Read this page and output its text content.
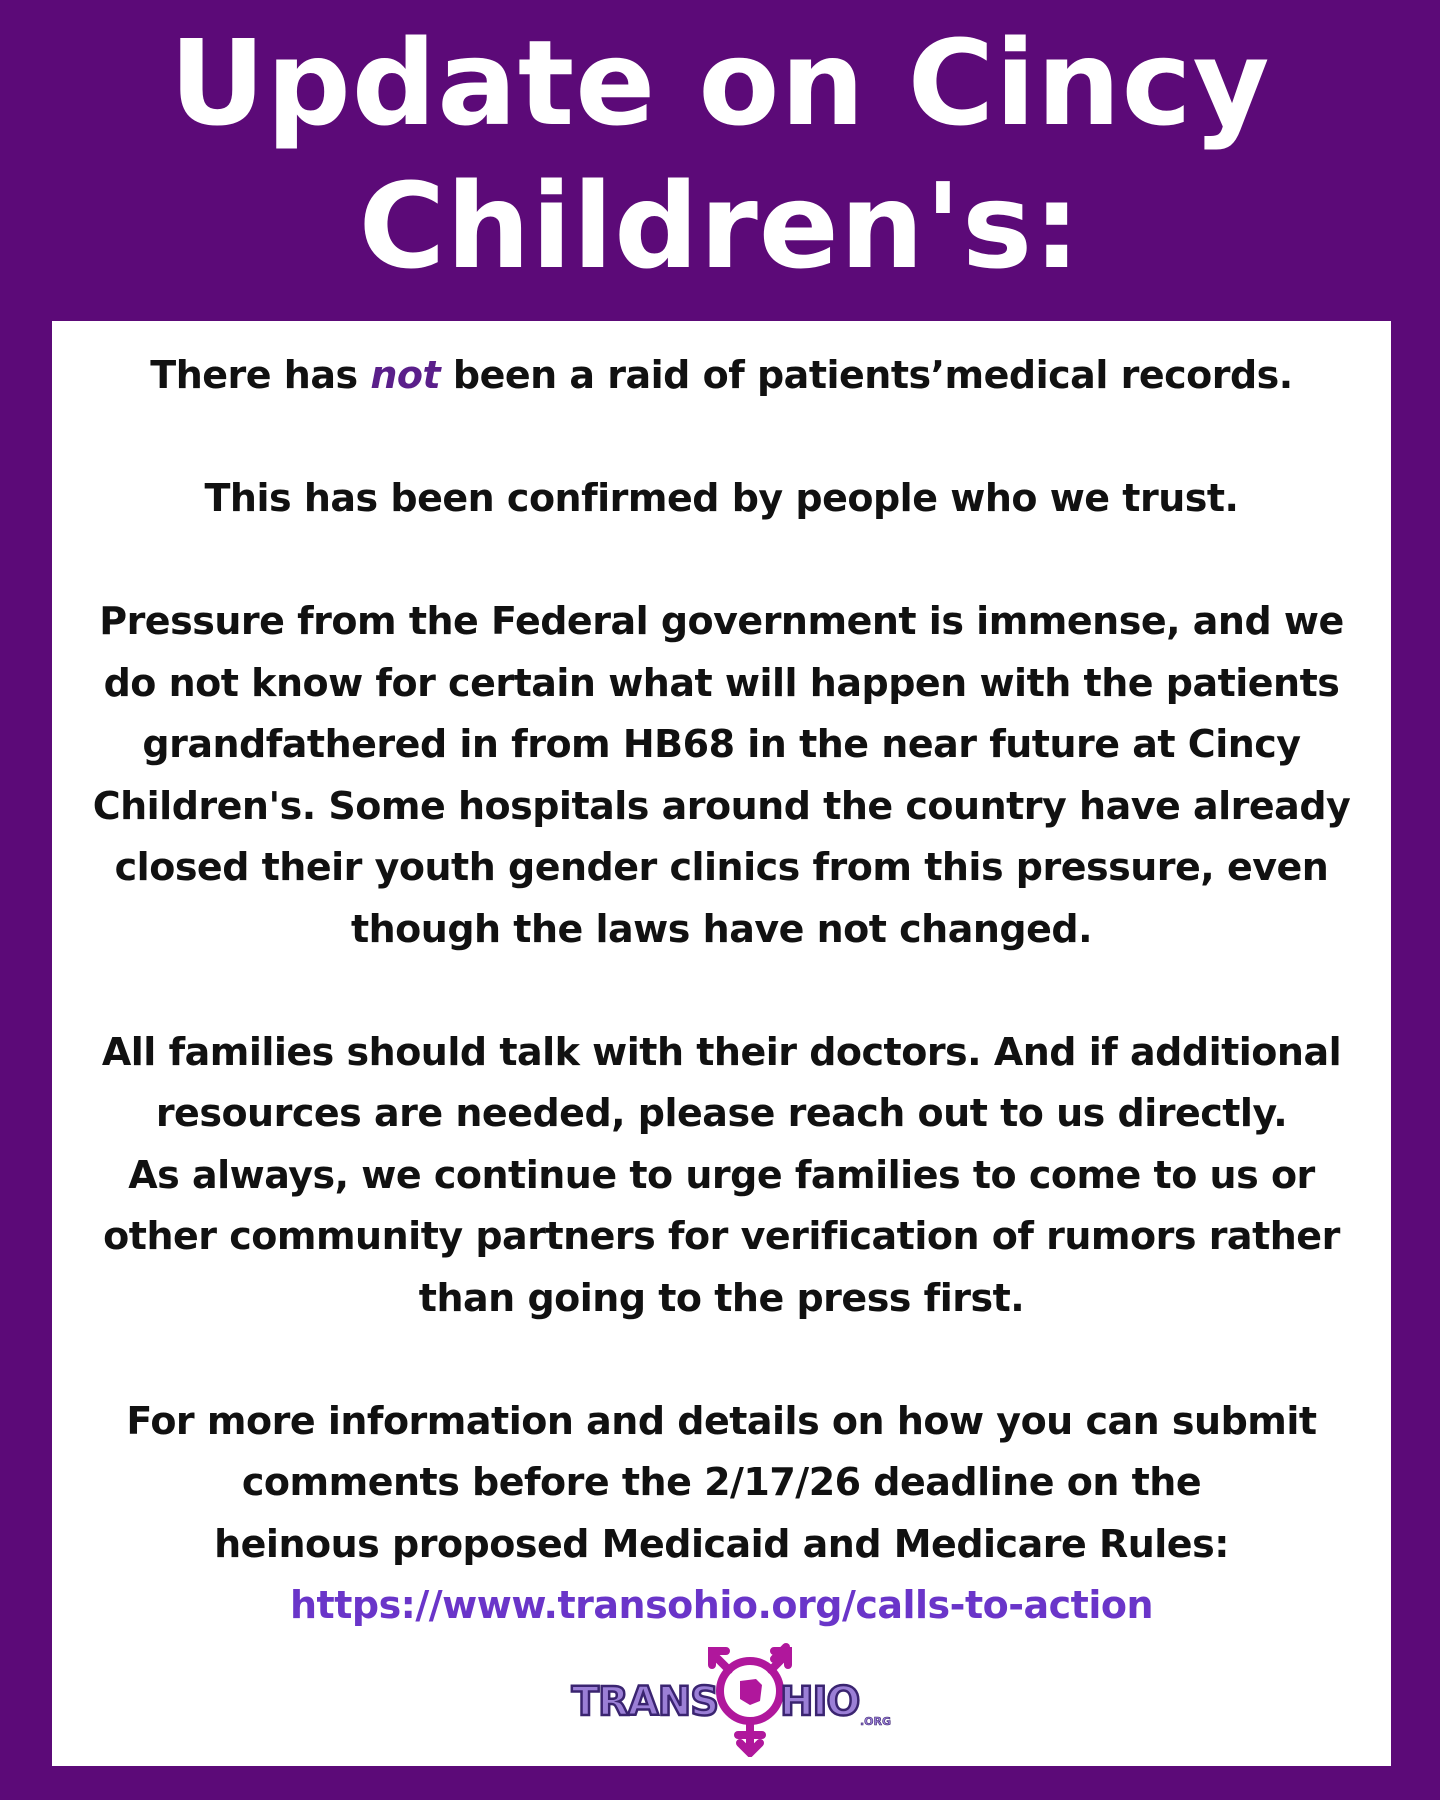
Update on Cincy
Children's:

There has not been a raid of patients’medical records.

This has been confirmed by people who we trust.

Pressure from the Federal government is immense, and we
do not know for certain what will happen with the patients
grandfathered in from HB68 in the near future at Cincy
Children's. Some hospitals around the country have already
closed their youth gender clinics from this pressure, even
though the laws have not changed.

All families should talk with their doctors. And if additional
resources are needed, please reach out to us directly.
As always, we continue to urge families to come to us or
other community partners for verification of rumors rather
than going to the press first.

For more information and details on how you can submit
comments before the 2/17/26 deadline on the
heinous proposed Medicaid and Medicare Rules:
https://www.transohio.org/calls-to-action

TRANS HIO .ORG
